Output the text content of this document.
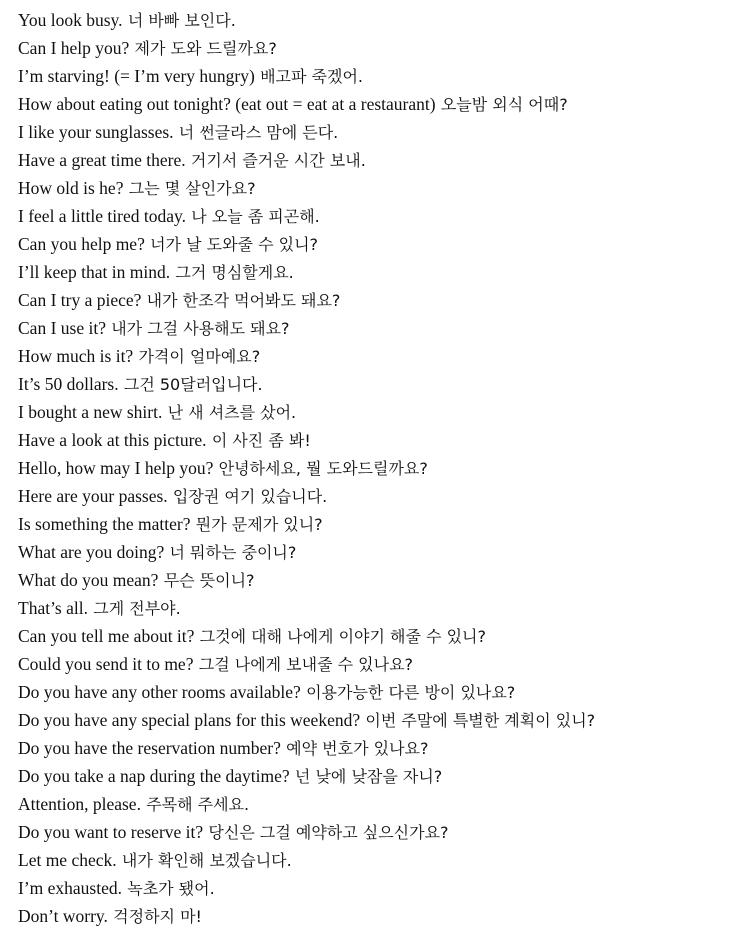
You look busy. 너 바빠 보인다.
Can I help you? 제가 도와 드릴까요?
I’m starving! (= I’m very hungry) 배고파 죽겠어.
How about eating out tonight? (eat out = eat at a restaurant) 오늘밤 외식 어때?
I like your sunglasses. 너 썬글라스 맘에 든다.
Have a great time there. 거기서 즐거운 시간 보내.
How old is he? 그는 몇 살인가요?
I feel a little tired today. 나 오늘 좀 피곤해.
Can you help me? 너가 날 도와줄 수 있니?
I’ll keep that in mind. 그거 명심할게요.
Can I try a piece? 내가 한조각 먹어봐도 돼요?
Can I use it? 내가 그걸 사용해도 돼요?
How much is it? 가격이 얼마예요?
It’s 50 dollars. 그건 50달러입니다.
I bought a new shirt. 난 새 셔츠를 샀어.
Have a look at this picture. 이 사진 좀 봐!
Hello, how may I help you? 안녕하세요, 뭘 도와드릴까요?
Here are your passes. 입장권 여기 있습니다.
Is something the matter? 뭔가 문제가 있니?
What are you doing? 너 뭐하는 중이니?
What do you mean? 무슨 뜻이니?
That’s all. 그게 전부야.
Can you tell me about it? 그것에 대해 나에게 이야기 해줄 수 있니?
Could you send it to me? 그걸 나에게 보내줄 수 있나요?
Do you have any other rooms available? 이용가능한 다른 방이 있나요?
Do you have any special plans for this weekend? 이번 주말에 특별한 계획이 있니?
Do you have the reservation number? 예약 번호가 있나요?
Do you take a nap during the daytime? 넌 낮에 낮잠을 자니?
Attention, please. 주목해 주세요.
Do you want to reserve it? 당신은 그걸 예약하고 싶으신가요?
Let me check. 내가 확인해 보겠습니다.
I’m exhausted. 녹초가 됐어.
Don’t worry. 걱정하지 마!
